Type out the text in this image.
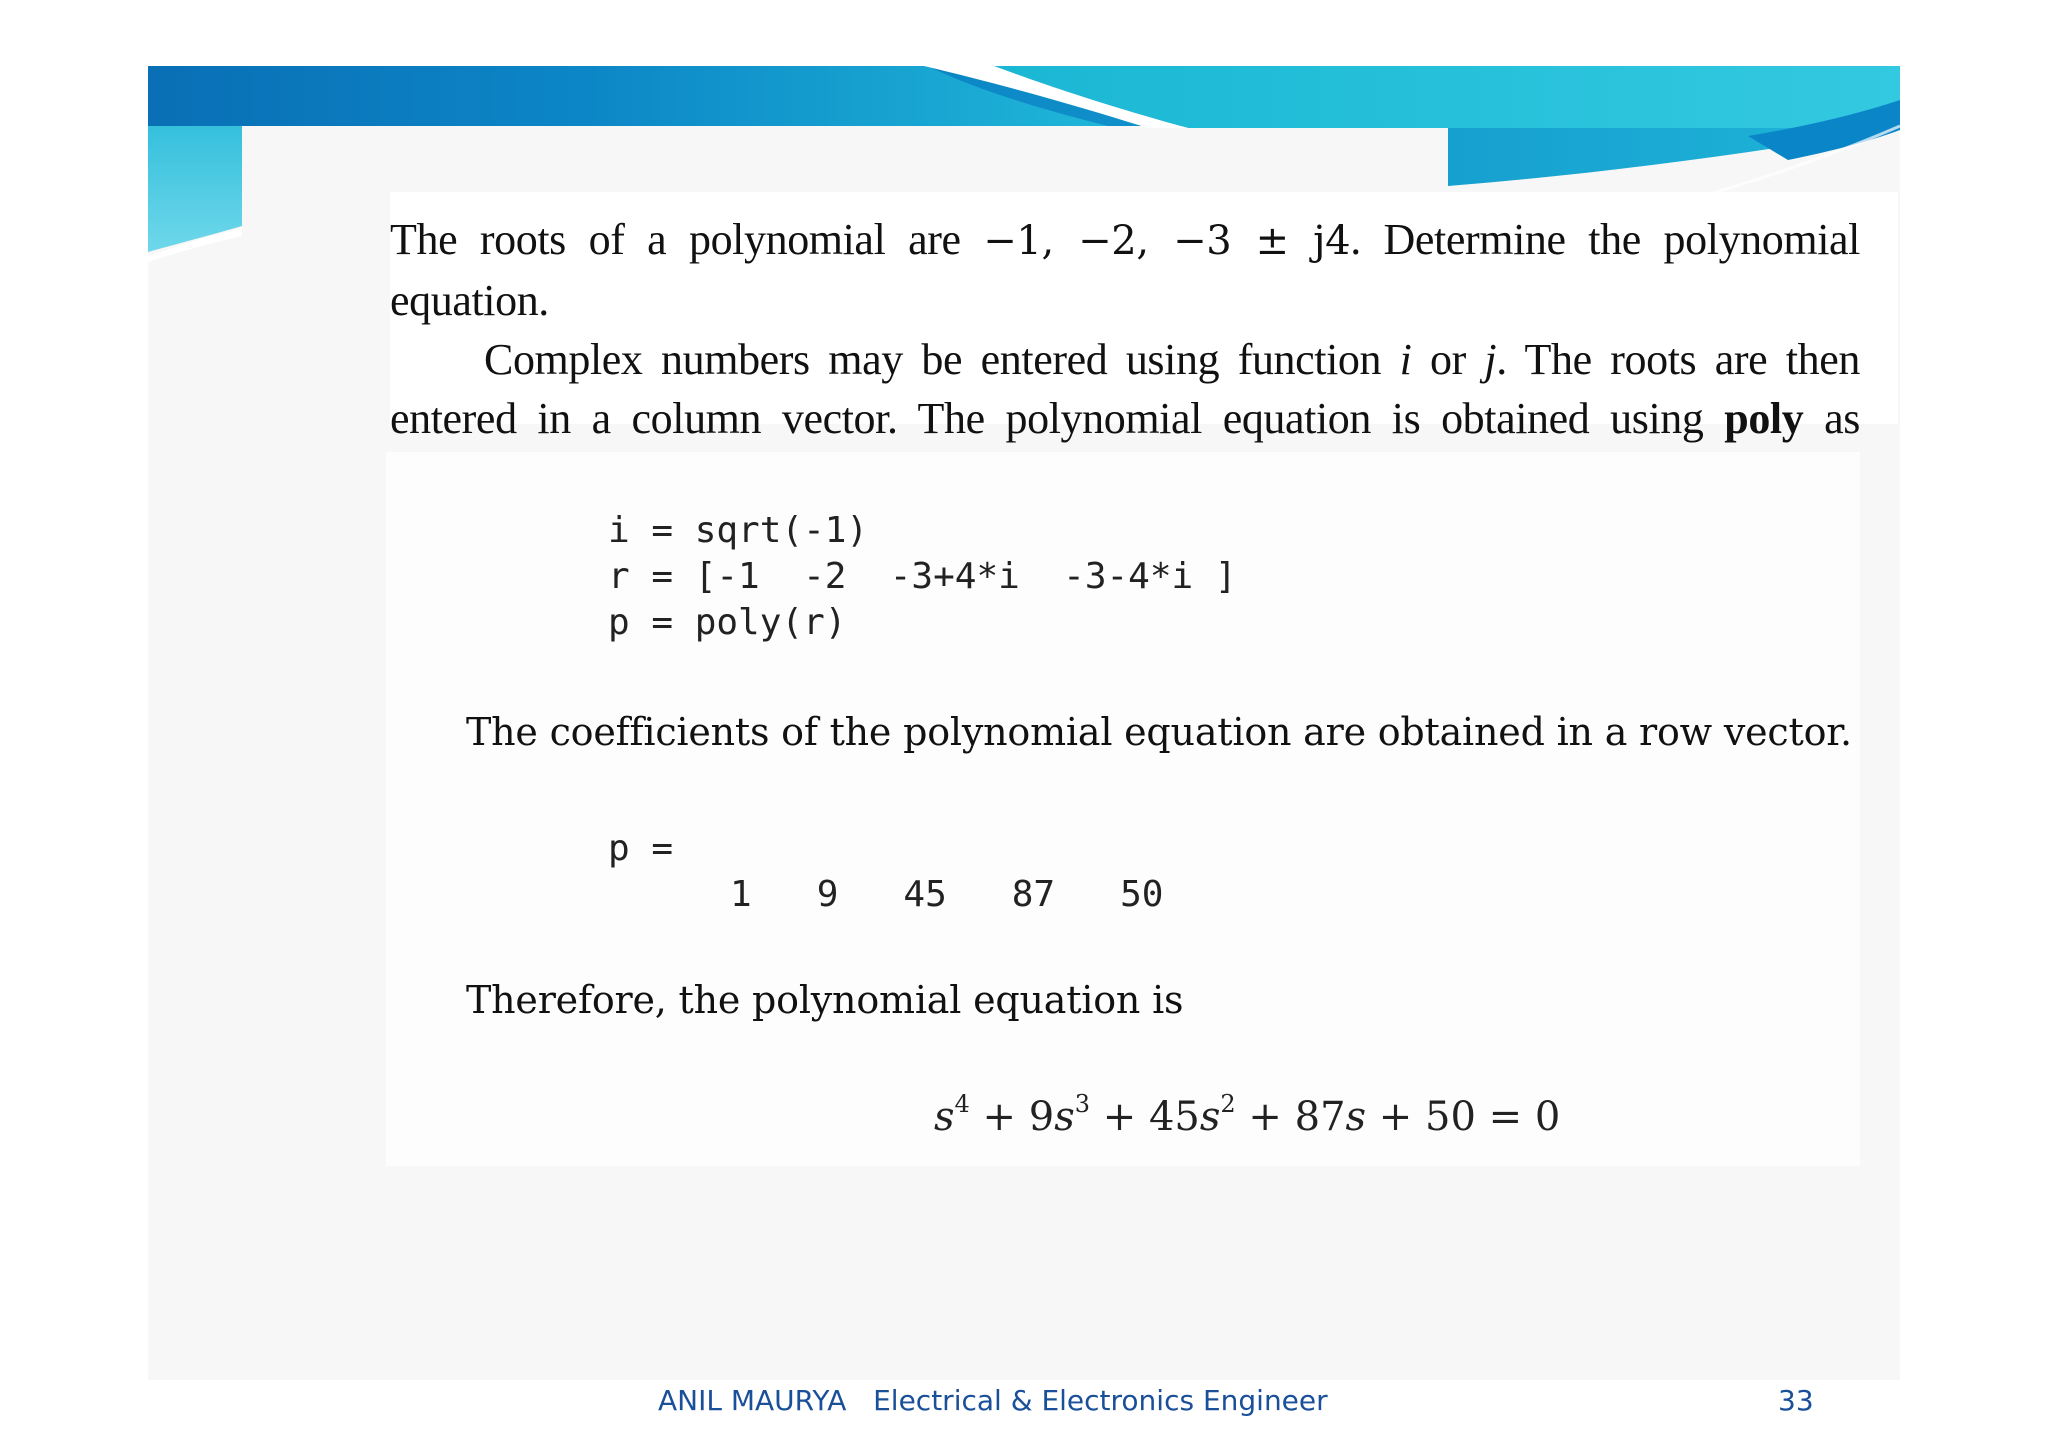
The roots of a polynomial are −1, −2, −3 ± j4. Determine the polynomial equation.
Complex numbers may be entered using function i or j. The roots are then entered in a column vector. The polynomial equation is obtained using poly as
i = sqrt(-1)
r = [-1  -2  -3+4*i  -3-4*i ]
p = poly(r)
The coefficients of the polynomial equation are obtained in a row vector.
p =
1   9   45   87   50
Therefore, the polynomial equation is
$s^4 + 9s^3 + 45s^2 + 87s + 50 = 0$
ANIL MAURYA   Electrical & Electronics Engineer	33
